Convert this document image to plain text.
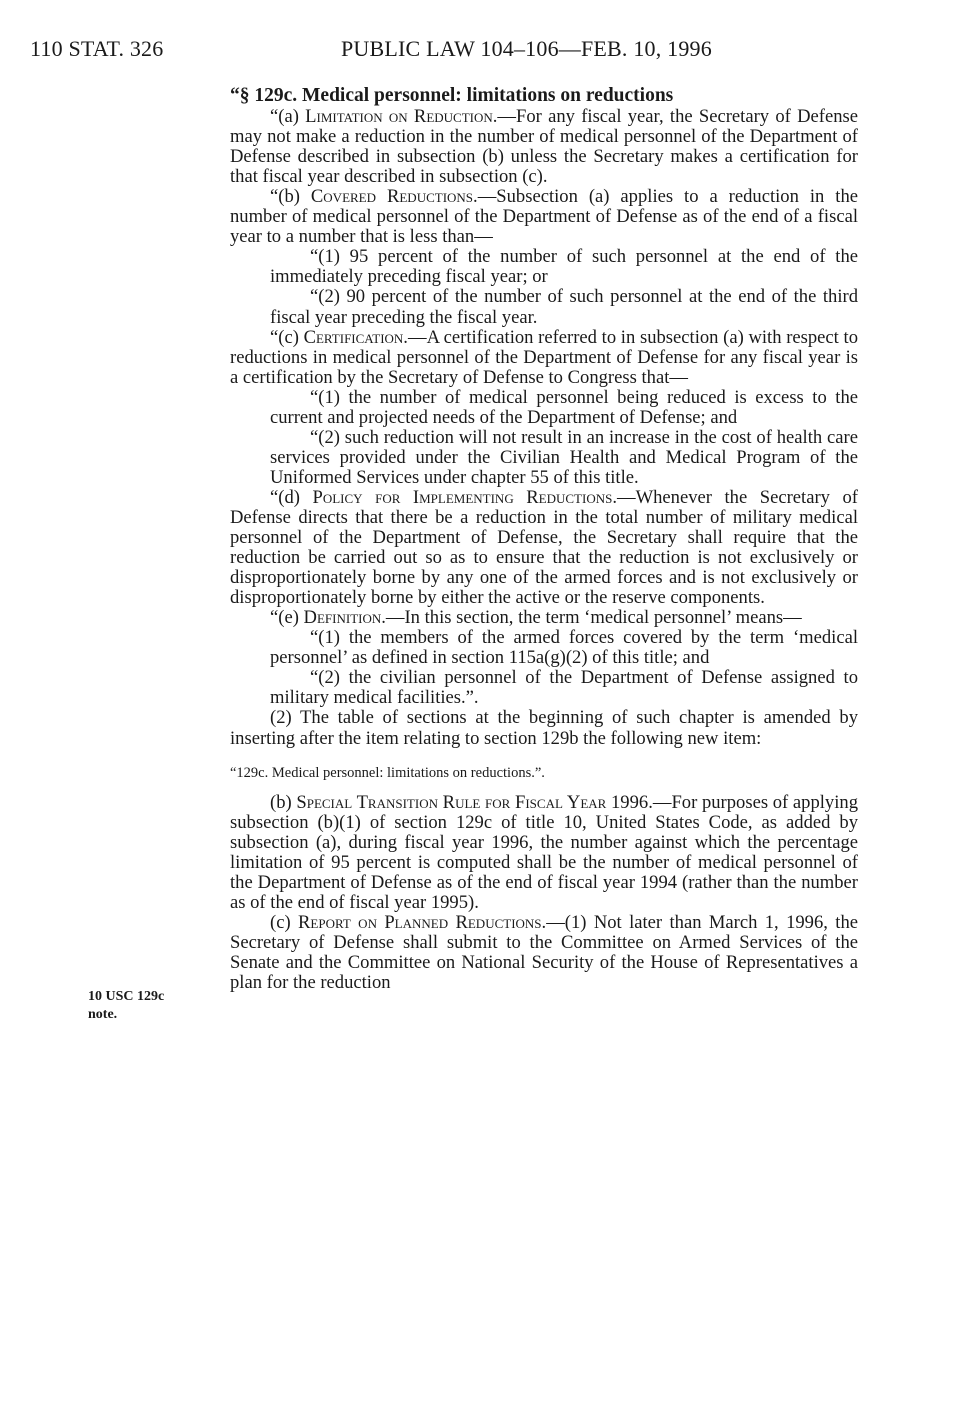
110 STAT. 326	PUBLIC LAW 104–106—FEB. 10, 1996
10 USC 129c
note.

“§ 129c. Medical personnel: limitations on reductions

“(a) Limitation on Reduction.—For any fiscal year, the Secretary of Defense may not make a reduction in the number of medical personnel of the Department of Defense described in subsection (b) unless the Secretary makes a certification for that fiscal year described in subsection (c).

“(b) Covered Reductions.—Subsection (a) applies to a reduction in the number of medical personnel of the Department of Defense as of the end of a fiscal year to a number that is less than—

“(1) 95 percent of the number of such personnel at the end of the immediately preceding fiscal year; or

“(2) 90 percent of the number of such personnel at the end of the third fiscal year preceding the fiscal year.

“(c) Certification.—A certification referred to in subsection (a) with respect to reductions in medical personnel of the Department of Defense for any fiscal year is a certification by the Secretary of Defense to Congress that—

“(1) the number of medical personnel being reduced is excess to the current and projected needs of the Department of Defense; and

“(2) such reduction will not result in an increase in the cost of health care services provided under the Civilian Health and Medical Program of the Uniformed Services under chapter 55 of this title.

“(d) Policy for Implementing Reductions.—Whenever the Secretary of Defense directs that there be a reduction in the total number of military medical personnel of the Department of Defense, the Secretary shall require that the reduction be carried out so as to ensure that the reduction is not exclusively or disproportionately borne by any one of the armed forces and is not exclusively or disproportionately borne by either the active or the reserve components.

“(e) Definition.—In this section, the term ‘medical personnel’ means—

“(1) the members of the armed forces covered by the term ‘medical personnel’ as defined in section 115a(g)(2) of this title; and

“(2) the civilian personnel of the Department of Defense assigned to military medical facilities.”.

(2) The table of sections at the beginning of such chapter is amended by inserting after the item relating to section 129b the following new item:

“129c. Medical personnel: limitations on reductions.”.

(b) Special Transition Rule for Fiscal Year 1996.—For purposes of applying subsection (b)(1) of section 129c of title 10, United States Code, as added by subsection (a), during fiscal year 1996, the number against which the percentage limitation of 95 percent is computed shall be the number of medical personnel of the Department of Defense as of the end of fiscal year 1994 (rather than the number as of the end of fiscal year 1995).

(c) Report on Planned Reductions.—(1) Not later than March 1, 1996, the Secretary of Defense shall submit to the Committee on Armed Services of the Senate and the Committee on National Security of the House of Representatives a plan for the reduction
